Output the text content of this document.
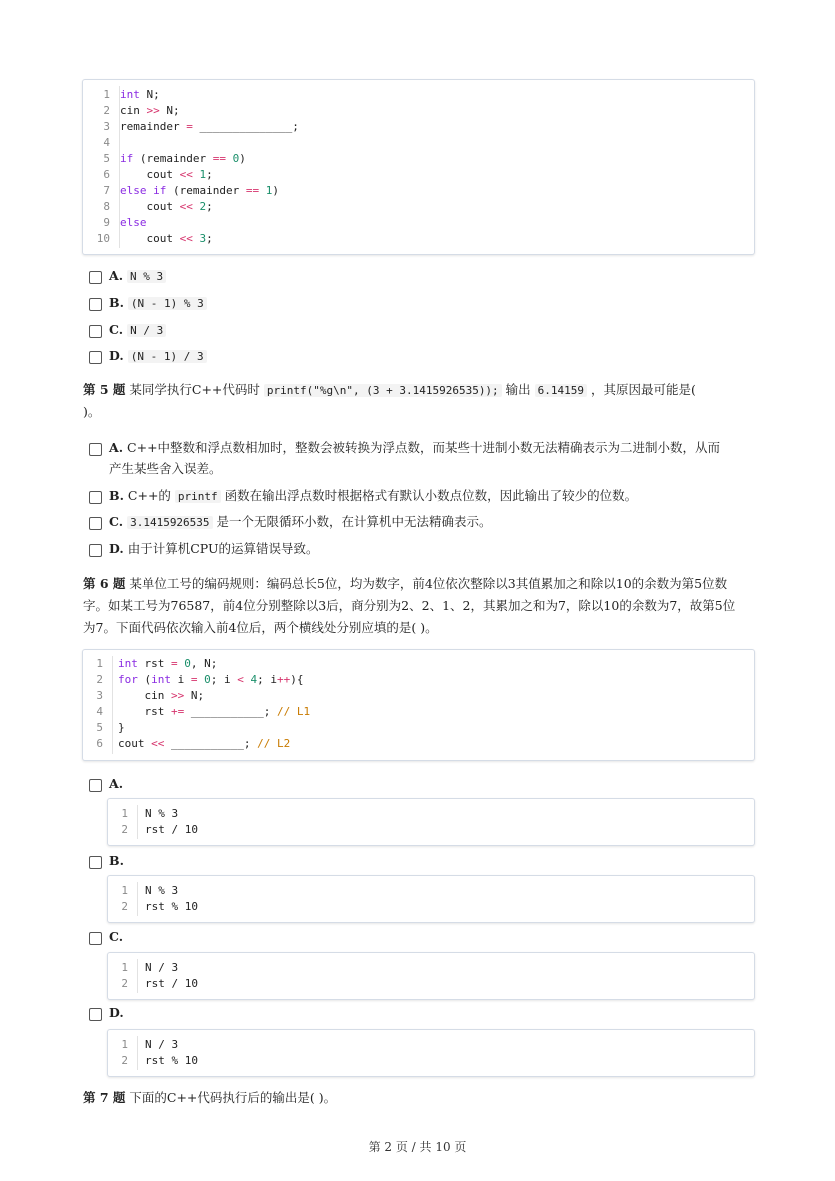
1 int N;
2 cin >> N;
3 remainder = ______________;
4
5 if (remainder == 0)
6 cout << 1;
7 else if (remainder == 1)
8 cout << 2;
9 else
10 cout << 3;
A. N % 3
B. (N - 1) % 3
C. N / 3
D. (N - 1) / 3
第 5 题 某同学执行C++代码时 printf("%g\n", (3 + 3.1415926535)); 输出 6.14159 ，其原因最可能是(
)。
A. C++中整数和浮点数相加时，整数会被转换为浮点数，而某些十进制小数无法精确表示为二进制小数，从而
产生某些舍入误差。
B. C++的 printf 函数在输出浮点数时根据格式有默认小数点位数，因此输出了较少的位数。
C. 3.1415926535 是一个无限循环小数，在计算机中无法精确表示。
D. 由于计算机CPU的运算错误导致。
第 6 题 某单位工号的编码规则：编码总长5位，均为数字，前4位依次整除以3其值累加之和除以10的余数为第5位数
字。如某工号为76587，前4位分别整除以3后，商分别为2、2、1、2，其累加之和为7，除以10的余数为7，故第5位
为7。下面代码依次输入前4位后，两个横线处分别应填的是( )。
1 int rst = 0, N;
2 for (int i = 0; i < 4; i++){
3 cin >> N;
4 rst += ___________; // L1
5 }
6 cout << ___________; // L2
A.
1 N % 3
2 rst / 10
B.
1 N % 3
2 rst % 10
C.
1 N / 3
2 rst / 10
D.
1 N / 3
2 rst % 10
第 7 题 下面的C++代码执行后的输出是( )。
第 2 页 / 共 10 页
